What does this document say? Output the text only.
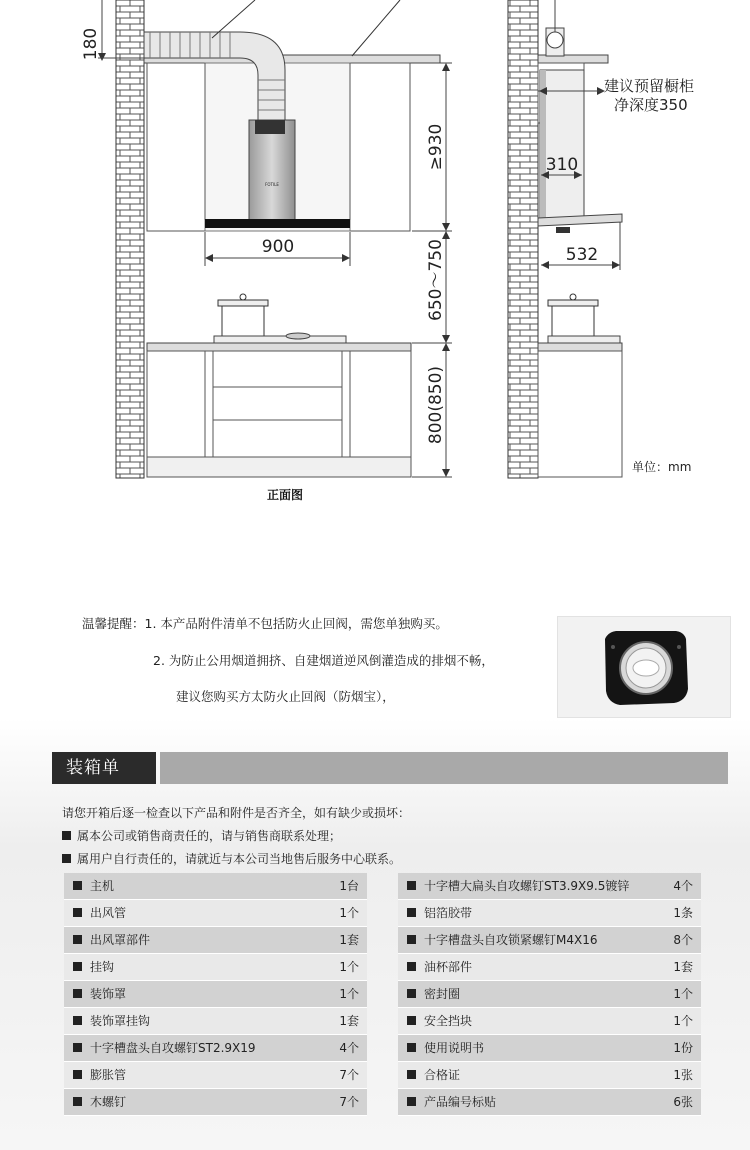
FOTILE
180
≥930
900	650～750
800(850)
310
532
建议预留橱柜
净深度350
正面图
单位：mm
温馨提醒：1. 本产品附件清单不包括防火止回阀，需您单独购买。
2. 为防止公用烟道拥挤、自建烟道逆风倒灌造成的排烟不畅，
建议您购买方太防火止回阀（防烟宝），
装箱单
请您开箱后逐一检查以下产品和附件是否齐全，如有缺少或损坏：
属本公司或销售商责任的，请与销售商联系处理；
属用户自行责任的，请就近与本公司当地售后服务中心联系。
主机	1台
出风管	1个
出风罩部件	1套
挂钩	1个
装饰罩	1个
装饰罩挂钩	1套
十字槽盘头自攻螺钉ST2.9X19	4个
膨胀管	7个
木螺钉	7个
十字槽大扁头自攻螺钉ST3.9X9.5镀锌	4个
铝箔胶带	1条
十字槽盘头自攻锁紧螺钉M4X16	8个
油杯部件	1套
密封圈	1个
安全挡块	1个
使用说明书	1份
合格证	1张
产品编号标贴	6张
